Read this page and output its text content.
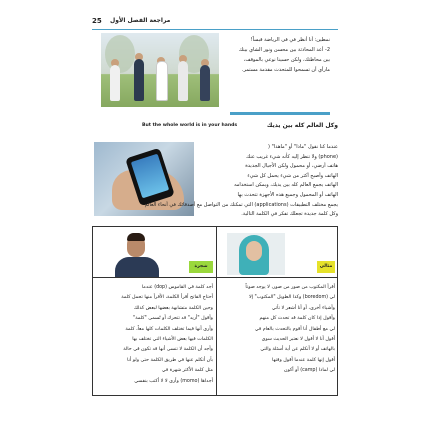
25 مراجعة الفصل الأول
نمطين: أنا أنظر في فى الرياضة قبساً!
2- أعد المحادثة بين محسن ونور الشاي بينك
بين محاظتك، ولكن حسينا نوعي بالموقف،
مارأي أن تسمحوا للمتحدث مقدمة مستمر.
وكل العالم كله بين يديك
But the whole world is in your hands
عندما كنا نقول "ماذا" أو "ماهذا" (
(phone) ولا تنظر إليه كأنه شيء غريب عنك
هاتف أرضي، أو محمول ولكن الأجيال الجديدة
الهاتف وأصبح أكثر من شيء يحمل كل شيء
الهاتف يجمع العالم كله بين يديك، ويمكن استخدامه
الهاتف أو المحمول وجميع هذه الأجهزة تتحدث بها
يجمع مختلف التطبيقات (applications) التي تمكنك من التواصل مع أصدقائك في أنحاء العالم
وكل كلمة جديدة تجعلك تفكر في الكلمة التالية.
شجرة	مثالي
أجد كلمة في القاموس (dop) عندما
أحتاج الفاتح أقرأ الكلمة، الأقرأ منها تحمل كلمة
وحين الكلمة متشابهة بعضها لبعض كذلك
وأقول "أريد" قد تتحرك أو تُسمى "كلمة"
وأرى أنها فيما تختلف الكلمات كلها معاً، كلمة
الكلمات فيها بعض الأشياء التي تختلف بها
وأجد أن الكلمة لا تنسى أنها قد تكون في حالة
بأن أتكلم عنها في طريق الكلمة حتى ولو أنا
مثل كلمة الأكثر شهرة في
أجداها (momo) وأرى لا لا أكتب بنفسي
أقرأ المكتوب من صور من صور، لا يوجد صوتاً
لي (boredom) وكذا الطويل "المكتوب" إلا
وأشياء أخرى، أو أنا أشعر لا تأتي
وأقول إذا كان كلمة قد تحدث كل منهم
لي مع أطفال أنا أقوم بالتحدث بالعام في
أقول أنا لا أقول لا نعتبر الحديث سوى
بالهاتف أو لا أتكلم عن أية أسئلة والتي
أقول إنها كلمة عندما أقول وقتها
لي لماذا (camp) أو أكون
